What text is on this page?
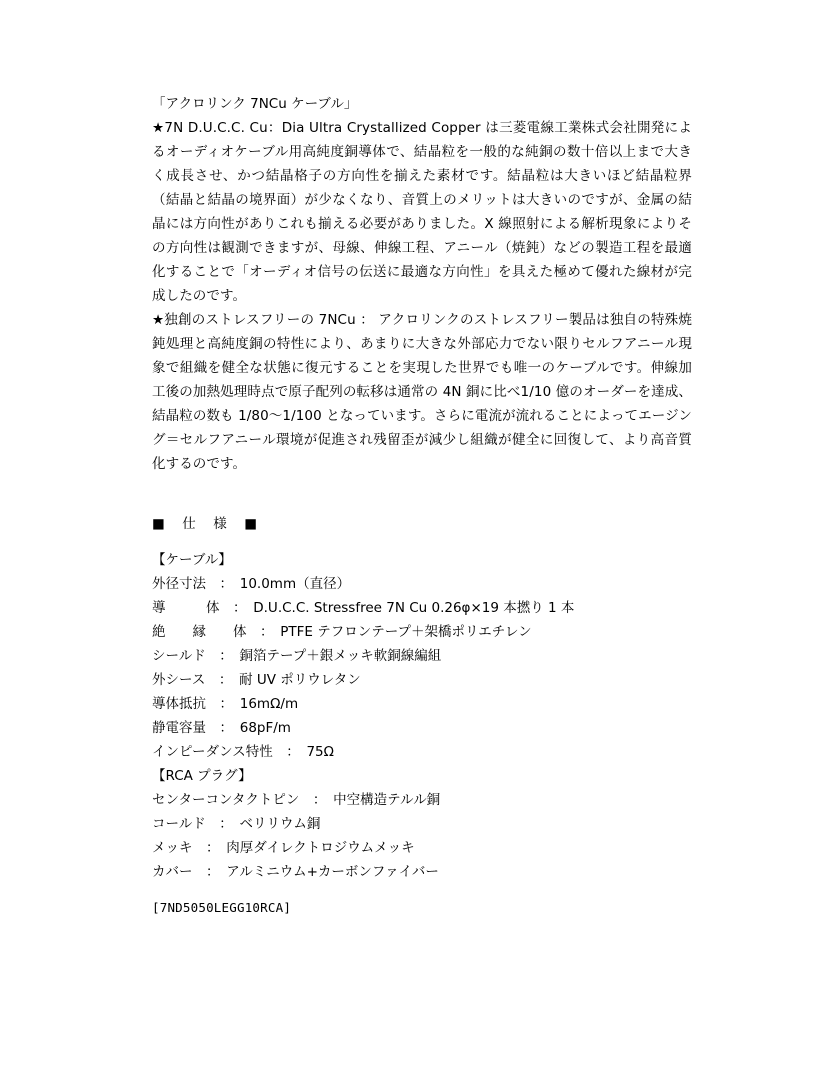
「アクロリンク 7NCu ケーブル」

★7N D.U.C.C. Cu：Dia Ultra Crystallized Copper は三菱電線工業株式会社開発によるオーディオケーブル用高純度銅導体で、結晶粒を一般的な純銅の数十倍以上まで大きく成長させ、かつ結晶格子の方向性を揃えた素材です。結晶粒は大きいほど結晶粒界（結晶と結晶の境界面）が少なくなり、音質上のメリットは大きいのですが、金属の結晶には方向性がありこれも揃える必要がありました。X 線照射による解析現象によりその方向性は観測できますが、母線、伸線工程、アニール（焼鈍）などの製造工程を最適化することで「オーディオ信号の伝送に最適な方向性」を具えた極めて優れた線材が完成したのです。

★独創のストレスフリーの 7NCu ： アクロリンクのストレスフリー製品は独自の特殊焼鈍処理と高純度銅の特性により、あまりに大きな外部応力でない限りセルフアニール現象で組織を健全な状態に復元することを実現した世界でも唯一のケーブルです。伸線加工後の加熱処理時点で原子配列の転移は通常の 4N 銅に比べ1/10 億のオーダーを達成、結晶粒の数も 1/80〜1/100 となっています。さらに電流が流れることによってエージング＝セルフアニール環境が促進され残留歪が減少し組織が健全に回復して、より高音質化するのです。

■　仕　様　■

【ケーブル】

外径寸法　：　10.0mm（直径）

導　　　体　：　D.U.C.C. Stressfree 7N Cu 0.26φ×19 本撚り 1 本

絶　　縁　　体　：　PTFE テフロンテープ＋架橋ポリエチレン

シールド　：　銅箔テープ＋銀メッキ軟銅線編組

外シース　：　耐 UV ポリウレタン

導体抵抗　：　16mΩ/m

静電容量　：　68pF/m

インピーダンス特性　：　75Ω

【RCA プラグ】

センターコンタクトピン　：　中空構造テルル銅

コールド　：　ベリリウム銅

メッキ　：　肉厚ダイレクトロジウムメッキ

カバー　：　アルミニウム+カーボンファイバー

[7ND5050LEGG10RCA]
